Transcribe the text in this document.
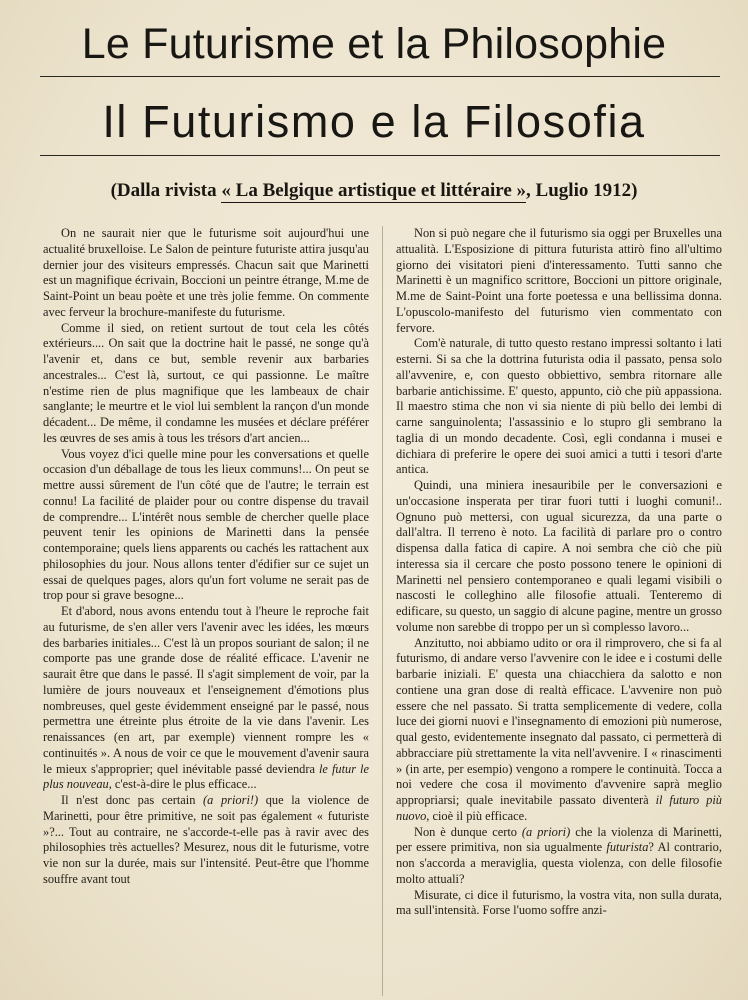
Le Futurisme et la Philosophie
Il Futurismo e la Filosofia
(Dalla rivista « La Belgique artistique et littéraire », Luglio 1912)

On ne saurait nier que le futurisme soit aujourd'hui une actualité bruxelloise. Le Salon de peinture futuriste attira jusqu'au dernier jour des visiteurs empressés. Chacun sait que Marinetti est un magnifique écrivain, Boccioni un peintre étrange, M.me de Saint-Point un beau poète et une très jolie femme. On commente avec ferveur la brochure-manifeste du futurisme.

Comme il sied, on retient surtout de tout cela les côtés extérieurs.... On sait que la doctrine hait le passé, ne songe qu'à l'avenir et, dans ce but, semble revenir aux barbaries ancestrales... C'est là, surtout, ce qui passionne. Le maître n'estime rien de plus magnifique que les lambeaux de chair sanglante; le meurtre et le viol lui semblent la rançon d'un monde décadent... De même, il condamne les musées et déclare préférer les œuvres de ses amis à tous les trésors d'art ancien...

Vous voyez d'ici quelle mine pour les conversations et quelle occasion d'un déballage de tous les lieux communs!... On peut se mettre aussi sûrement de l'un côté que de l'autre; le terrain est connu! La facilité de plaider pour ou contre dispense du travail de comprendre... L'intérêt nous semble de chercher quelle place peuvent tenir les opinions de Marinetti dans la pensée contemporaine; quels liens apparents ou cachés les rattachent aux philosophies du jour. Nous allons tenter d'édifier sur ce sujet un essai de quelques pages, alors qu'un fort volume ne serait pas de trop pour si grave besogne...

Et d'abord, nous avons entendu tout à l'heure le reproche fait au futurisme, de s'en aller vers l'avenir avec les idées, les mœurs des barbaries initiales... C'est là un propos souriant de salon; il ne comporte pas une grande dose de réalité efficace. L'avenir ne saurait être que dans le passé. Il s'agit simplement de voir, par la lumière de jours nouveaux et l'enseignement d'émotions plus nombreuses, quel geste évidemment enseigné par le passé, nous permettra une étreinte plus étroite de la vie dans l'avenir. Les renaissances (en art, par exemple) viennent rompre les « continuités ». A nous de voir ce que le mouvement d'avenir saura le mieux s'approprier; quel inévitable passé deviendra le futur le plus nouveau, c'est-à-dire le plus efficace...

Il n'est donc pas certain (a priori!) que la violence de Marinetti, pour être primitive, ne soit pas également « futuriste »?... Tout au contraire, ne s'accorde-t-elle pas à ravir avec des philosophies très actuelles? Mesurez, nous dit le futurisme, votre vie non sur la durée, mais sur l'intensité. Peut-être que l'homme souffre avant tout

Non si può negare che il futurismo sia oggi per Bruxelles una attualità. L'Esposizione di pittura futurista attirò fino all'ultimo giorno dei visitatori pieni d'interessamento. Tutti sanno che Marinetti è un magnifico scrittore, Boccioni un pittore originale, M.me de Saint-Point una forte poetessa e una bellissima donna. L'opuscolo-manifesto del futurismo vien commentato con fervore.

Com'è naturale, di tutto questo restano impressi soltanto i lati esterni. Si sa che la dottrina futurista odia il passato, pensa solo all'avvenire, e, con questo obbiettivo, sembra ritornare alle barbarie antichissime. E' questo, appunto, ciò che più appassiona. Il maestro stima che non vi sia niente di più bello dei lembi di carne sanguinolenta; l'assassinio e lo stupro gli sembrano la taglia di un mondo decadente. Così, egli condanna i musei e dichiara di preferire le opere dei suoi amici a tutti i tesori d'arte antica.

Quindi, una miniera inesauribile per le conversazioni e un'occasione insperata per tirar fuori tutti i luoghi comuni!.. Ognuno può mettersi, con ugual sicurezza, da una parte o dall'altra. Il terreno è noto. La facilità di parlare pro o contro dispensa dalla fatica di capire. A noi sembra che ciò che più interessa sia il cercare che posto possono tenere le opinioni di Marinetti nel pensiero contemporaneo e quali legami visibili o nascosti le colleghino alle filosofie attuali. Tenteremo di edificare, su questo, un saggio di alcune pagine, mentre un grosso volume non sarebbe di troppo per un sì complesso lavoro...

Anzitutto, noi abbiamo udito or ora il rimprovero, che si fa al futurismo, di andare verso l'avvenire con le idee e i costumi delle barbarie iniziali. E' questa una chiacchiera da salotto e non contiene una gran dose di realtà efficace. L'avvenire non può essere che nel passato. Si tratta semplicemente di vedere, colla luce dei giorni nuovi e l'insegnamento di emozioni più numerose, qual gesto, evidentemente insegnato dal passato, ci permetterà di abbracciare più strettamente la vita nell'avvenire. I « rinascimenti » (in arte, per esempio) vengono a rompere le continuità. Tocca a noi vedere che cosa il movimento d'avvenire saprà meglio appropriarsi; quale inevitabile passato diventerà il futuro più nuovo, cioè il più efficace.

Non è dunque certo (a priori) che la violenza di Marinetti, per essere primitiva, non sia ugualmente futurista? Al contrario, non s'accorda a meraviglia, questa violenza, con delle filosofie molto attuali?

Misurate, ci dice il futurismo, la vostra vita, non sulla durata, ma sull'intensità. Forse l'uomo soffre anzi-
